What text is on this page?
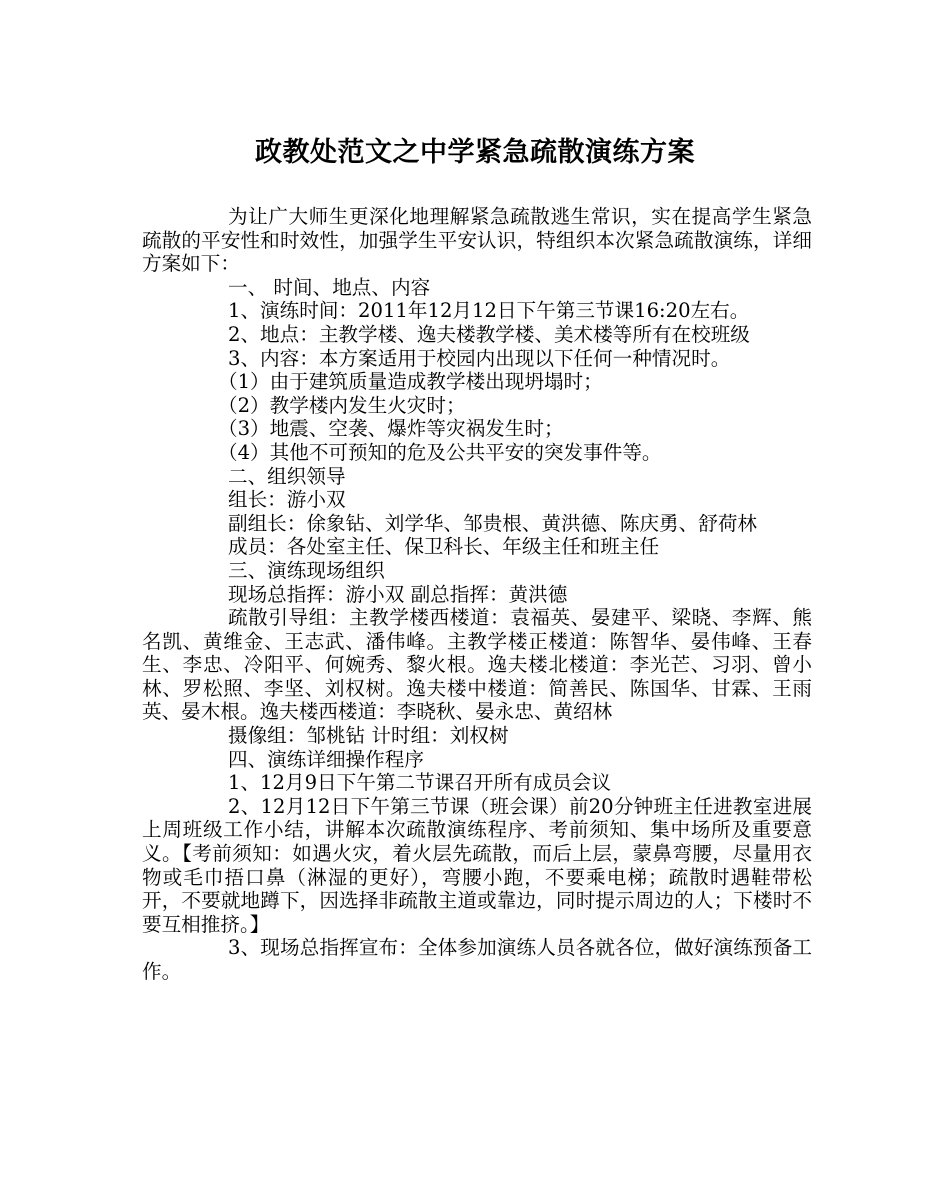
政教处范文之中学紧急疏散演练方案

为让广大师生更深化地理解紧急疏散逃生常识，实在提高学生紧急疏散的平安性和时效性，加强学生平安认识，特组织本次紧急疏散演练，详细方案如下：

一、 时间、地点、内容

1、演练时间：2011年12月12日下午第三节课16:20左右。

2、地点：主教学楼、逸夫楼教学楼、美术楼等所有在校班级

3、内容：本方案适用于校园内出现以下任何一种情况时。

（1）由于建筑质量造成教学楼出现坍塌时；

（2）教学楼内发生火灾时；

（3）地震、空袭、爆炸等灾祸发生时；

（4）其他不可预知的危及公共平安的突发事件等。

二、组织领导

组长：游小双

副组长：俆象钻、刘学华、邹贵根、黄洪德、陈庆勇、舒荷林

成员：各处室主任、保卫科长、年级主任和班主任

三、演练现场组织

现场总指挥：游小双 副总指挥：黄洪德

疏散引导组：主教学楼西楼道：袁福英、晏建平、梁晓、李辉、熊名凯、黄维金、王志武、潘伟峰。主教学楼正楼道：陈智华、晏伟峰、王春生、李忠、冷阳平、何婉秀、黎火根。逸夫楼北楼道：李光芒、习羽、曾小林、罗松照、李坚、刘权树。逸夫楼中楼道：简善民、陈国华、甘霖、王雨英、晏木根。逸夫楼西楼道：李晓秋、晏永忠、黄绍林

摄像组：邹桃钻 计时组：刘权树

四、演练详细操作程序

1、12月9日下午第二节课召开所有成员会议

2、12月12日下午第三节课（班会课）前20分钟班主任进教室进展上周班级工作小结，讲解本次疏散演练程序、考前须知、集中场所及重要意义。【考前须知：如遇火灾，着火层先疏散，而后上层，蒙鼻弯腰，尽量用衣物或毛巾捂口鼻（淋湿的更好），弯腰小跑，不要乘电梯；疏散时遇鞋带松开，不要就地蹲下，因选择非疏散主道或靠边，同时提示周边的人；下楼时不要互相推挤。】

3、现场总指挥宣布：全体参加演练人员各就各位，做好演练预备工作。
